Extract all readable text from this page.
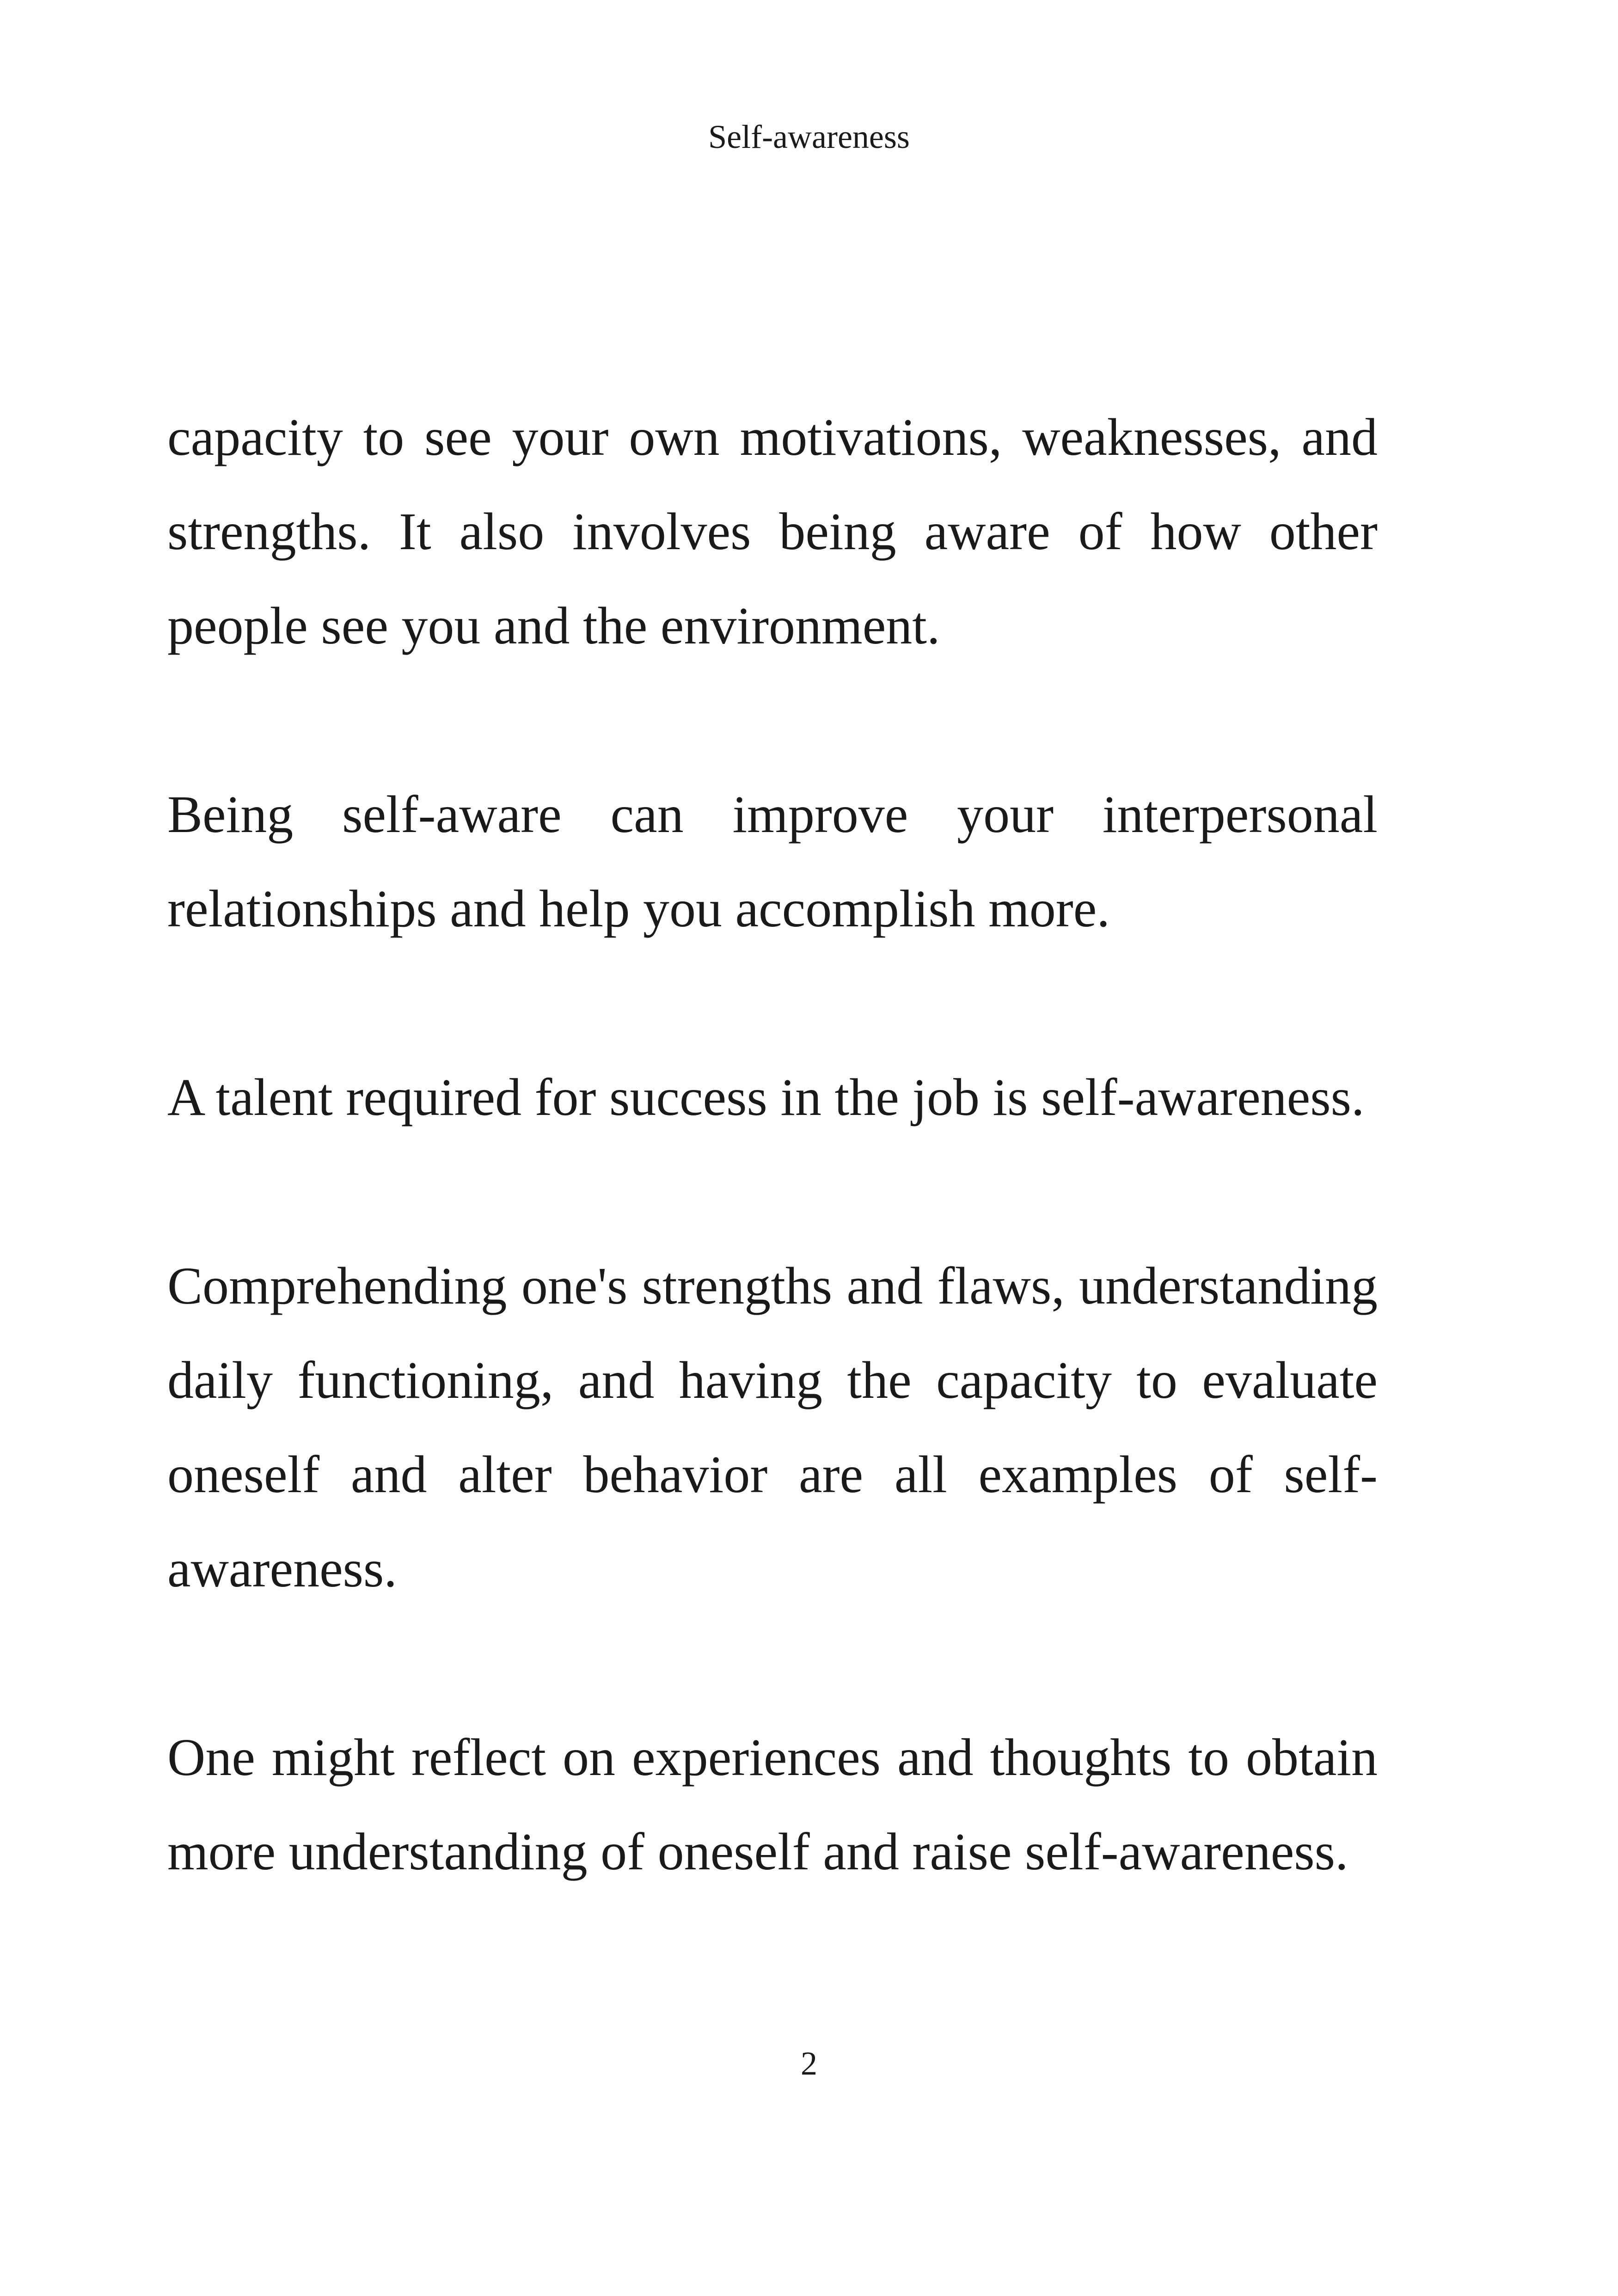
Self-awareness

capacity to see your own motivations, weaknesses, and strengths. It also involves being aware of how other people see you and the environment.

Being self-aware can improve your interpersonal relationships and help you accomplish more.

A talent required for success in the job is self-awareness.

Comprehending one's strengths and flaws, understanding daily functioning, and having the capacity to evaluate oneself and alter behavior are all examples of self-awareness.

One might reflect on experiences and thoughts to obtain more understanding of oneself and raise self-awareness.

2
